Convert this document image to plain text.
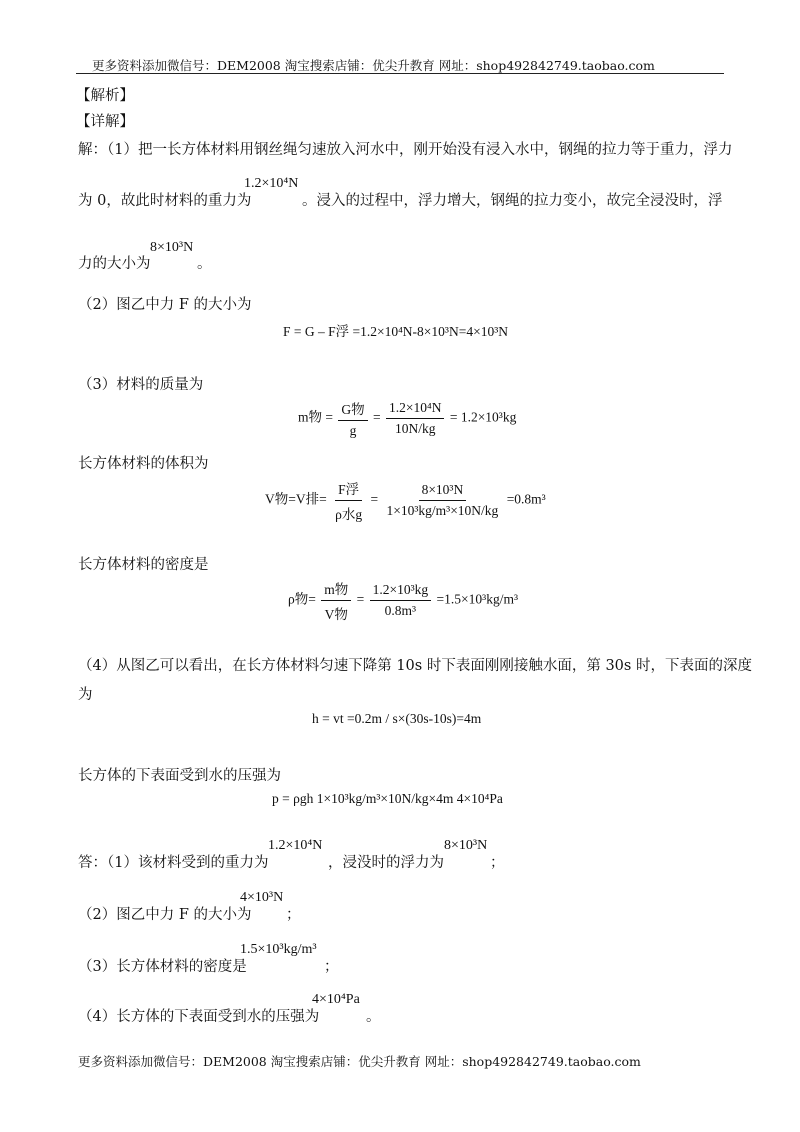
更多资料添加微信号：DEM2008 淘宝搜索店铺：优尖升教育 网址：shop492842749.taobao.com
【解析】
【详解】
解：（1）把一长方体材料用钢丝绳匀速放入河水中，刚开始没有浸入水中，钢绳的拉力等于重力，浮力
为 0，故此时材料的重力为
1.2×10⁴N
。浸入的过程中，浮力增大，钢绳的拉力变小，故完全浸没时，浮
力的大小为
8×10³N
。
（2）图乙中力 F 的大小为
F = G – F浮 =1.2×10⁴N-8×10³N=4×10³N
（3）材料的质量为
m物 = $\frac{\text{G物}}{g} = \frac{\text{1.2×10⁴N}}{10N/kg} = 1.2\times 10^3kg$
长方体材料的体积为
V物=V排= $\frac{\text{F浮}}{\text{ρ水g}} = \frac{\text{8×10³N}}{\text{1×10³kg/m³×10N/kg}} =0.8m^3$
长方体材料的密度是
ρ物= $\frac{\text{m物}}{\text{V物}} = \frac{\text{1.2×10³kg}}{\text{0.8m³}} =1.5\times 10^3kg/m^3$
（4）从图乙可以看出，在长方体材料匀速下降第 10s 时下表面刚刚接触水面，第 30s 时，下表面的深度
为
h = vt =0.2m / s×(30s-10s)=4m
长方体的下表面受到水的压强为
p = ρgh 1×10³kg/m³×10N/kg×4m 4×10⁴Pa
答：（1）该材料受到的重力为
1.2×10⁴N
，浸没时的浮力为
8×10³N
；
（2）图乙中力 F 的大小为
4×10³N
；
（3）长方体材料的密度是
1.5×10³kg/m³
；
（4）长方体的下表面受到水的压强为
4×10⁴Pa
。
更多资料添加微信号：DEM2008 淘宝搜索店铺：优尖升教育 网址：shop492842749.taobao.com
